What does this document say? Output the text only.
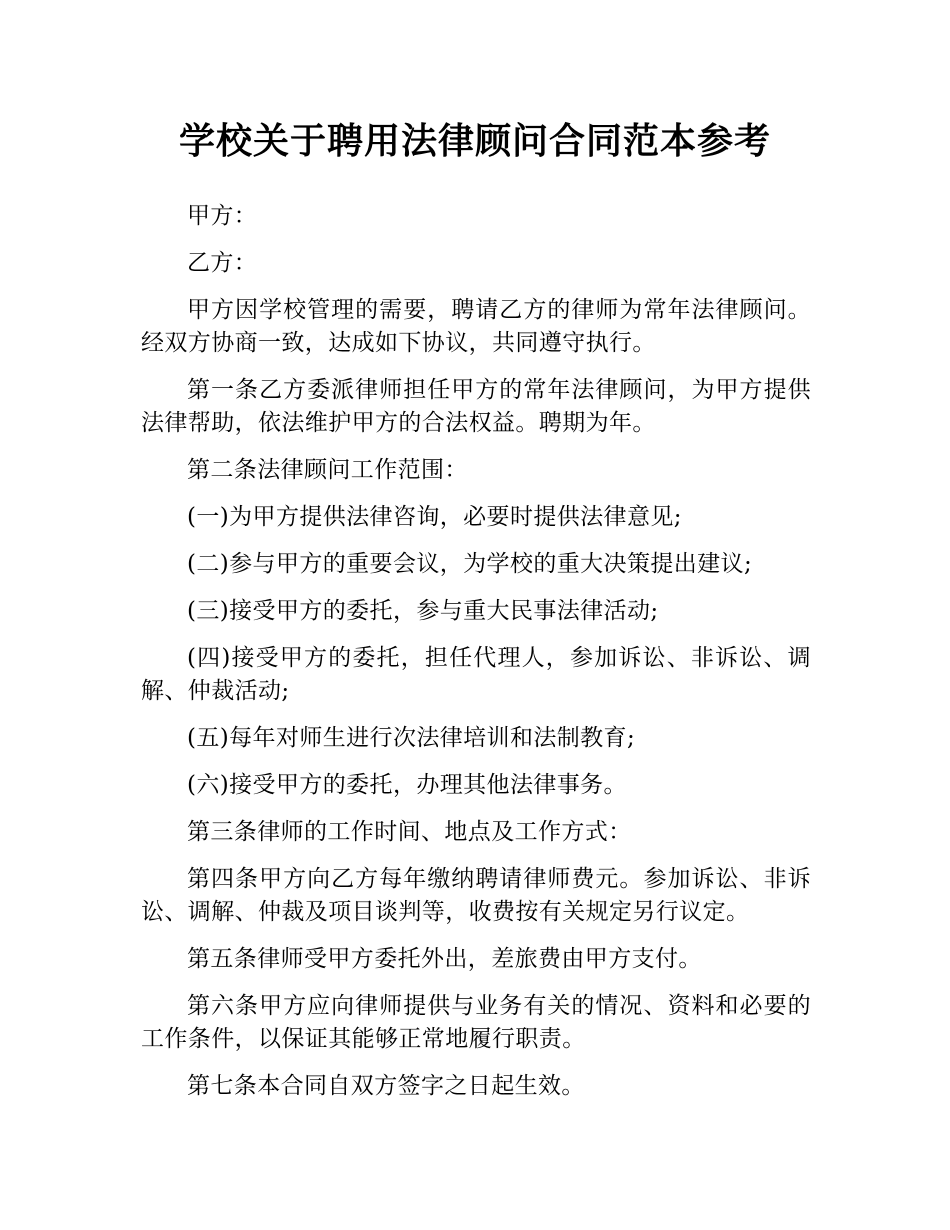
学校关于聘用法律顾问合同范本参考

甲方：

乙方：

甲方因学校管理的需要，聘请乙方的律师为常年法律顾问。经双方协商一致，达成如下协议，共同遵守执行。

第一条乙方委派律师担任甲方的常年法律顾问，为甲方提供法律帮助，依法维护甲方的合法权益。聘期为年。

第二条法律顾问工作范围：

(一)为甲方提供法律咨询，必要时提供法律意见;

(二)参与甲方的重要会议，为学校的重大决策提出建议;

(三)接受甲方的委托，参与重大民事法律活动;

(四)接受甲方的委托，担任代理人，参加诉讼、非诉讼、调解、仲裁活动;

(五)每年对师生进行次法律培训和法制教育;

(六)接受甲方的委托，办理其他法律事务。

第三条律师的工作时间、地点及工作方式：

第四条甲方向乙方每年缴纳聘请律师费元。参加诉讼、非诉讼、调解、仲裁及项目谈判等，收费按有关规定另行议定。

第五条律师受甲方委托外出，差旅费由甲方支付。

第六条甲方应向律师提供与业务有关的情况、资料和必要的工作条件，以保证其能够正常地履行职责。

第七条本合同自双方签字之日起生效。
